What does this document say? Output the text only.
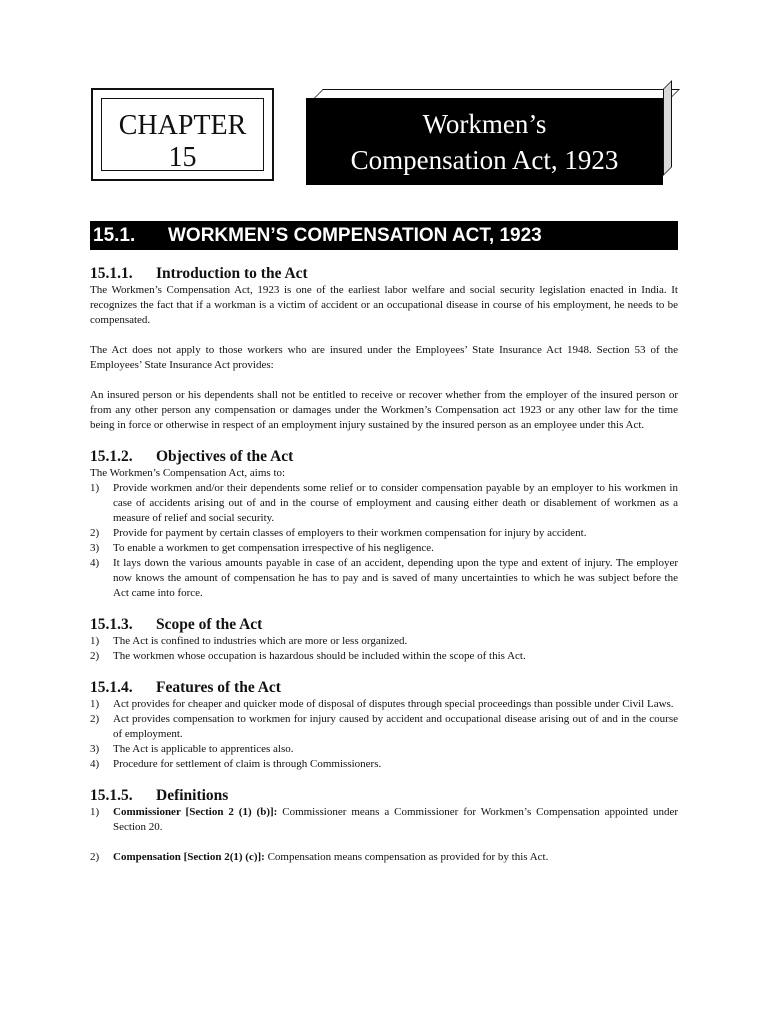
CHAPTER
15
Workmen’s
Compensation Act, 1923
15.1. WORKMEN’S COMPENSATION ACT, 1923
15.1.1. Introduction to the Act

The Workmen’s Compensation Act, 1923 is one of the earliest labor welfare and social security legislation enacted in India. It recognizes the fact that if a workman is a victim of accident or an occupational disease in course of his employment, he needs to be compensated.

The Act does not apply to those workers who are insured under the Employees’ State Insurance Act 1948. Section 53 of the Employees’ State Insurance Act provides:

An insured person or his dependents shall not be entitled to receive or recover whether from the employer of the insured person or from any other person any compensation or damages under the Workmen’s Compensation act 1923 or any other law for the time being in force or otherwise in respect of an employment injury sustained by the insured person as an employee under this Act.

15.1.2. Objectives of the Act

The Workmen’s Compensation Act, aims to:

1) Provide workmen and/or their dependents some relief or to consider compensation payable by an employer to his workmen in case of accidents arising out of and in the course of employment and causing either death or disablement of workmen as a measure of relief and social security.
2) Provide for payment by certain classes of employers to their workmen compensation for injury by accident.
3) To enable a workmen to get compensation irrespective of his negligence.
4) It lays down the various amounts payable in case of an accident, depending upon the type and extent of injury. The employer now knows the amount of compensation he has to pay and is saved of many uncertainties to which he was subject before the Act came into force.
15.1.3. Scope of the Act
1) The Act is confined to industries which are more or less organized.
2) The workmen whose occupation is hazardous should be included within the scope of this Act.
15.1.4. Features of the Act
1) Act provides for cheaper and quicker mode of disposal of disputes through special proceedings than possible under Civil Laws.
2) Act provides compensation to workmen for injury caused by accident and occupational disease arising out of and in the course of employment.
3) The Act is applicable to apprentices also.
4) Procedure for settlement of claim is through Commissioners.
15.1.5. Definitions
1) Commissioner [Section 2 (1) (b)]: Commissioner means a Commissioner for Workmen’s Compensation appointed under Section 20.
2) Compensation [Section 2(1) (c)]: Compensation means compensation as provided for by this Act.
